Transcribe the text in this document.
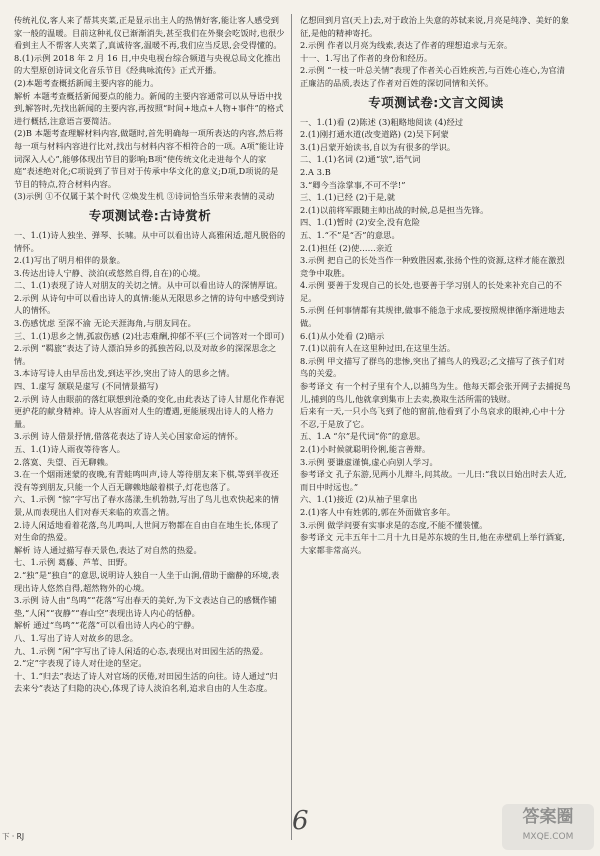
传统礼仪,客人来了帮其夹菜,正是显示出主人的热情好客,能让客人感受到家一般的温暖。目前这种礼仪已渐渐消失,甚至我们在外聚会吃饭时,也很少看到主人不帮客人夹菜了,真诚待客,温暖不再,我们应当反思,会受得懂的。

8.(1)示例 2018 年 2 月 16 日,中央电视台综合频道与央视总局文化推出的大型原创诗词文化音乐节目《经典咏流传》正式开播。

(2)本题考查概括新闻主要内容的能力。

解析 本题考查概括新闻要点的能力。新闻的主要内容通常可以从导语中找到,解答时,先找出新闻的主要内容,再按照“时间+地点+人物+事件”的格式进行概括,注意语言要简洁。

(2)B 本题考查理解材料内容,做题时,首先明确每一项所表达的内容,然后将每一项与材料内容进行比对,找出与材料内容不相符合的一项。A项“能让诗词深入人心”,能够体现出节目的影响;B项“使传统文化走进每个人的家庭”表述绝对化;C项说到了节目对于传承中华文化的意义;D项,D项说的是节目的特点,符合材料内容。

(3)示例 ①不仅属于某个时代 ②焕发生机 ③诗词恰当乐带来表情的灵动

专项测试卷:古诗赏析

一、1.(1)诗人独坐、弹琴、长啸。从中可以看出诗人高雅闲适,超凡脱俗的情怀。

2.(1)写出了明月相伴的景象。

3.传达出诗人宁静、淡泊(或悠然自得,自在)的心境。

二、1.(1)表现了诗人对朋友的关切之情。从中可以看出诗人的深情厚谊。

2.示例 从诗句中可以看出诗人的真情:能从无限思乡之情的诗句中感受到诗人的情怀。

3.伤感忧虑 至深不渝 无论天涯海角,与朋友同在。

三、1.(1)思乡之情,孤寂伤感 (2)壮志难酬,抑郁不平(三个词答对一个即可)

2.示例 “羁旅”表达了诗人漂泊异乡的孤独苦闷,以及对故乡的深深思念之情。

3.本诗写诗人由早岳出发,到达平沙,突出了诗人的思乡之情。

四、1.虚写 颔联是虚写 (不同情景描写)

2.示例 诗人由眼前的落红联想到沧桑的变化,由此表达了诗人甘愿化作春泥更护花的献身精神。诗人从容面对人生的遭遇,更能展现出诗人的人格力量。

3.示例 诗人借景抒情,借落花表达了诗人关心国家命运的情怀。

五、1.(1)诗人雨夜等待客人。

2.落寞、失望、百无聊赖。

3.在一个烟雨迷蒙的夜晚,有青蛙鸣叫声,诗人等待朋友来下棋,等到半夜还没有等到朋友,只能一个人百无聊赖地敲着棋子,灯花也落了。

六、1.示例 “惊”字写出了春水荡漾,生机勃勃,写出了鸟儿也欢快起来的情景,从而表现出人们对春天来临的欢喜之情。

2.诗人闲适地看着花落,鸟儿鸣叫,人世间万物都在自由自在地生长,体现了对生命的热爱。

解析 诗人通过描写春天景色,表达了对自然的热爱。

七、1.示例 葛藤、芦苇、田野。

2.“独”是“独自”的意思,说明诗人独自一人坐于山涧,借助于幽静的环境,表现出诗人悠然自得,超然物外的心境。

3.示例 诗人由“鸟鸣”“花落”写出春天的美好,为下文表达自己的感慨作铺垫,“人闲”“夜静”“春山空”表现出诗人内心的恬静。

解析 通过“鸟鸣”“花落”可以看出诗人内心的宁静。

八、1.写出了诗人对故乡的思念。

九、1.示例 “闲”字写出了诗人闲适的心态,表现出对田园生活的热爱。

2.“定”字表现了诗人对仕途的坚定。

十、1.“归去”表达了诗人对官场的厌倦,对田园生活的向往。诗人通过“归去来兮”表达了归隐的决心,体现了诗人淡泊名利,追求自由的人生态度。

亿想回到月宫(天上)去,对于政治上失意的苏轼来说,月亮是纯净、美好的象征,是他的精神寄托。

2.示例 作者以月亮为线索,表达了作者的理想追求与无奈。

十一、1.写出了作者的身份和经历。

2.示例 “一枝一叶总关情”表现了作者关心百姓疾苦,与百姓心连心,为官清正廉洁的品质,表达了作者对百姓的深切同情和关怀。

专项测试卷:文言文阅读

一、1.(1)看 (2)陈述 (3)粗略地阅读 (4)经过

2.(1)刚打通水道(改变道路) (2)吴下阿蒙

3.(1)吕蒙开始读书,自以为有很多的学识。

二、1.(1)名词 (2)通“欤”,语气词

2.A 3.B

3.“卿今当涂掌事,不可不学!”

三、1.(1)已经 (2)于是,就

2.(1)以前将军跟随主帅出战的时候,总是担当先锋。

四、1.(1)暂时 (2)安全,没有危险

五、1.“不”是“否”的意思。

2.(1)担任 (2)使……亲近

3.示例 把自己的长处当作一种致胜因素,张扬个性的资源,这样才能在激烈竞争中取胜。

4.示例 要善于发现自己的长处,也要善于学习别人的长处来补充自己的不足。

5.示例 任何事情都有其规律,做事不能急于求成,要按照规律循序渐进地去做。

6.(1)从小处看 (2)暗示

7.(1)以前有人在这里种过田,在这里生活。

8.示例 甲文描写了群鸟的悲惨,突出了捕鸟人的残忍;乙文描写了孩子们对鸟的关爱。

参考译文 有一个村子里有个人,以捕鸟为生。他每天都会张开网子去捕捉鸟儿,捕到的鸟儿,他就拿到集市上去卖,换取生活所需的钱财。

后来有一天,一只小鸟飞到了他的窗前,他看到了小鸟哀求的眼神,心中十分不忍,于是放了它。

五、1.A “尔”是代词“你”的意思。

2.(1)小时候就聪明伶俐,能言善辩。

3.示例 要谦虚谨慎,虚心向别人学习。

参考译文 孔子东游,见两小儿辩斗,问其故。一儿曰:“我以日始出时去人近,而日中时远也。”

六、1.(1)接近 (2)从袖子里拿出

2.(1)客人中有姓郭的,郭在外面做官多年。

3.示例 做学问要有实事求是的态度,不能不懂装懂。

参考译文 元丰五年十二月十九日是苏东坡的生日,他在赤壁矶上举行酒宴,大家都非常高兴。

下 · RJ
6	答案圈
MXQE.COM
